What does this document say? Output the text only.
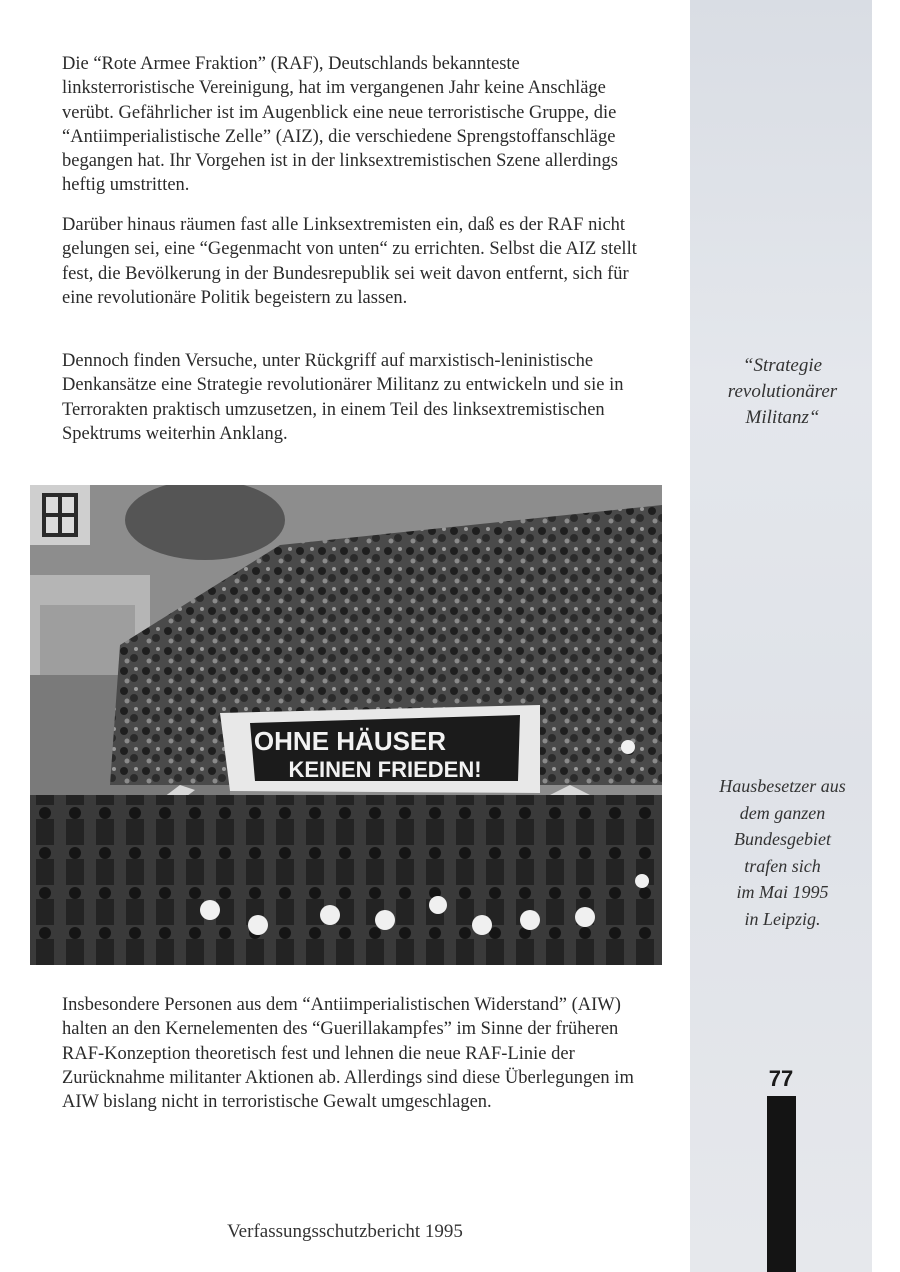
Die “Rote Armee Fraktion” (RAF), Deutschlands bekannteste linksterroristische Vereinigung, hat im vergangenen Jahr keine Anschläge verübt. Gefährlicher ist im Augenblick eine neue terroristische Gruppe, die “Antiimperialistische Zelle” (AIZ), die verschiedene Sprengstoffanschläge begangen hat. Ihr Vorgehen ist in der linksextremistischen Szene allerdings heftig umstritten.

Darüber hinaus räumen fast alle Linksextremisten ein, daß es der RAF nicht gelungen sei, eine “Gegenmacht von unten“ zu errichten. Selbst die AIZ stellt fest, die Bevölkerung in der Bundesrepublik sei weit davon entfernt, sich für eine revolutionäre Politik begeistern zu lassen.

Dennoch finden Versuche, unter Rückgriff auf marxistisch-leninistische Denkansätze eine Strategie revolutionärer Militanz zu entwickeln und sie in Terrorakten praktisch umzusetzen, in einem Teil des linksextremistischen Spektrums weiterhin Anklang.

“Strategie
revolutionärer
Militanz“
OHNE HÄUSER
KEINEN FRIEDEN!
Hausbesetzer aus
dem ganzen
Bundesgebiet
trafen sich
im Mai 1995
in Leipzig.

Insbesondere Personen aus dem “Antiimperialistischen Widerstand” (AIW) halten an den Kernelementen des “Guerillakampfes” im Sinne der früheren RAF-Konzeption theoretisch fest und lehnen die neue RAF-Linie der Zurücknahme militanter Aktionen ab. Allerdings sind diese Überlegungen im AIW bislang nicht in terroristische Gewalt umgeschlagen.

77
Verfassungsschutzbericht 1995
